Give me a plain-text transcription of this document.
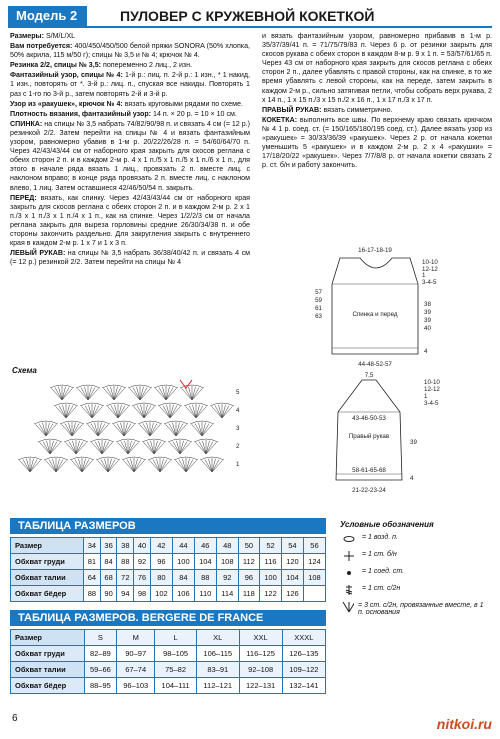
Модель 2	ПУЛОВЕР С КРУЖЕВНОЙ КОКЕТКОЙ

Размеры: S/M/L/XL

Вам потребуется: 400/450/450/500 белой пряжи SONORA (50% хлопка, 50% акрила, 115 м/50 г); спицы № 3,5 и № 4; крючок № 4.

Резинка 2/2, спицы № 3,5: попеременно 2 лиц., 2 изн.

Фантазийный узор, спицы № 4: 1-й р.: лиц. п. 2-й р.: 1 изн., * 1 накид, 1 изн., повторять от *. 3-й р.: лиц. п., спуская все накиды. Повторять 1 раз с 1-го по 3-й р., затем повторять 2-й и 3-й р.

Узор из «ракушек», крючок № 4: вязать круговыми рядами по схеме.

Плотность вязания, фантазийный узор: 14 п. × 20 р. = 10 × 10 см.

СПИНКА: на спицы № 3,5 набрать 74/82/90/98 п. и связать 4 см (= 12 р.) резинкой 2/2. Затем перейти на спицы № 4 и вязать фантазийным узором, равномерно убавив в 1-м р. 20/22/26/28 п. = 54/60/64/70 п. Через 42/43/43/44 см от наборного края закрыть для скосов реглана с обеих сторон 2 п. и в каждом 2-м р. 4 х 1 п./5 х 1 п./5 х 1 п./6 х 1 п., для этого в начале ряда вязать 1 лиц., провязать 2 п. вместе лиц. с наклоном вправо; в конце ряда провязать 2 п. вместе лиц. с наклоном влево, 1 лиц. Затем оставшиеся 42/46/50/54 п. закрыть.

ПЕРЕД: вязать, как спинку. Через 42/43/43/44 см от наборного края закрыть для скосов реглана с обеих сторон 2 п. и в каждом 2-м р. 2 х 1 п./3 х 1 п./3 х 1 п./4 х 1 п., как на спинке. Через 1/2/2/3 см от начала реглана закрыть для выреза горловины средние 26/30/34/38 п. и обе стороны закончить раздельно. Для закругления закрыть с внутреннего края в каждом 2-м р. 1 х 7 и 1 х 3 п.

ЛЕВЫЙ РУКАВ: на спицы № 3,5 набрать 36/38/40/42 п. и связать 4 см (= 12 р.) резинкой 2/2. Затем перейти на спицы № 4

и вязать фантазийным узором, равномерно прибавив в 1-м р. 35/37/39/41 п. = 71/75/79/83 п. Через 6 р. от резинки закрыть для скосов рукава с обеих сторон в каждом 8-м р. 9 х 1 п. = 53/57/61/65 п. Через 43 см от наборного края закрыть для скосов реглана с обеих сторон 2 п., далее убавлять с правой стороны, как на спинке, в то же время убавлять с левой стороны, как на переде, затем закрыть в каждом 2-м р., сильно затягивая петли, чтобы собрать верх рукава, 2 х 14 п., 1 х 15 п./3 х 15 п./2 х 16 п., 1 х 17 п./3 х 17 п.

ПРАВЫЙ РУКАВ: вязать симметрично.

КОКЕТКА: выполнить все швы. По верхнему краю связать крючком № 4 1 р. соед. ст. (= 150/165/180/195 соед. ст.). Далее вязать узор из «ракушек» = 30/33/36/39 «ракушек». Через 2 р. от начала кокетки уменьшить 5 «ракушек» и в каждом 2-м р. 2 х 4 «ракушки» = 17/18/20/22 «ракушек». Через 7/7/8/8 р. от начала кокетки связать 2 р. ст. б/н и работу закончить.

16-17-18-19
Спинка и перед
57
59
61
63
10-10
12-12
1
3-4-5
38
39
39
40
4
44-48-52-57
7,5
10-10
12-12
1
3-4-5
43-46-50-53
Правый рукав
39
58-61-65-68
4
21-22-23-24
Схема
1
2
3
4
5
ТАБЛИЦА РАЗМЕРОВ
Размер	34	36	38	40	42	44	46	48	50	52	54	56
Обхват груди	81	84	88	92	96	100	104	108	112	116	120	124
Обхват талии	64	68	72	76	80	84	88	92	96	100	104	108
Обхват бёдер	88	90	94	98	102	106	110	114	118	122	126	
Условные обозначения
= 1 возд. п.
= 1 ст. б/н
= 1 соед. ст.
= 1 ст. с/2н
= 3 ст. с/2н, провязанные вместе, в 1 п. основания
ТАБЛИЦА РАЗМЕРОВ. BERGERE DE FRANCE
Размер	S	M	L	XL	XXL	XXXL
Обхват груди	82–89	90–97	98–105	106–115	116–125	126–135
Обхват талии	59–66	67–74	75–82	83–91	92–108	109–122
Обхват бёдер	88–95	96–103	104–111	112–121	122–131	132–141
6	nitkoi.ru
